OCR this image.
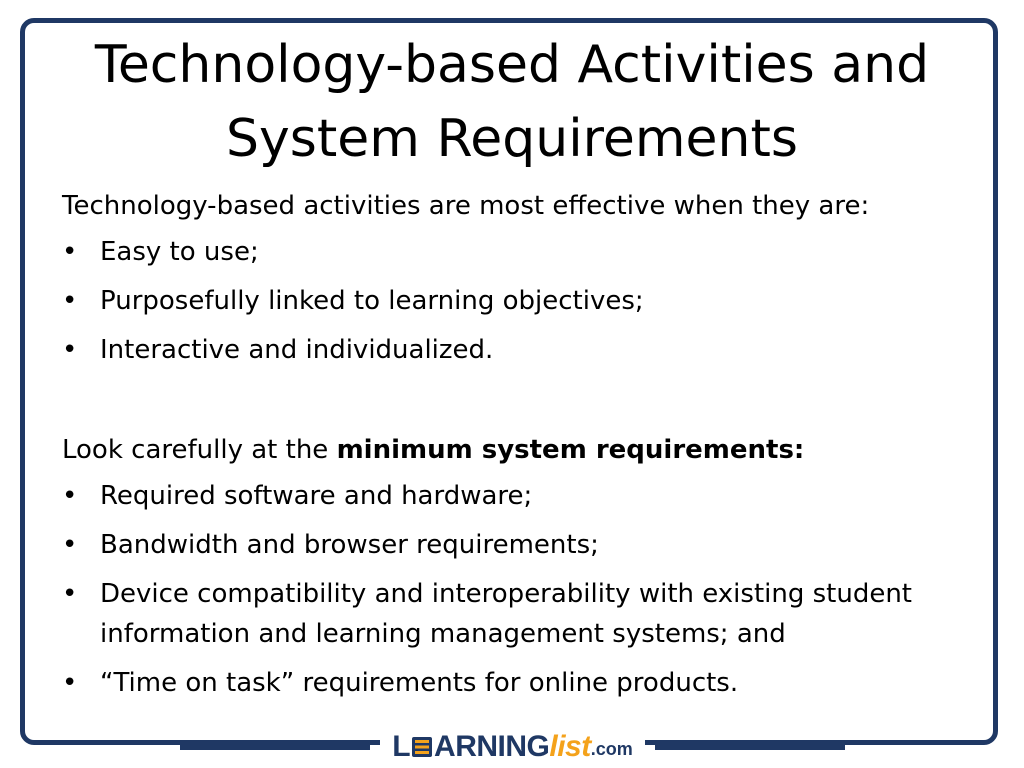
Technology-based Activities and System Requirements

Technology-based activities are most effective when they are:

• Easy to use;
• Purposefully linked to learning objectives;
• Interactive and individualized.

Look carefully at the minimum system requirements:

• Required software and hardware;
• Bandwidth and browser requirements;
• Device compatibility and interoperability with existing student information and learning management systems; and
• “Time on task” requirements for online products.
L ARNING list .com
